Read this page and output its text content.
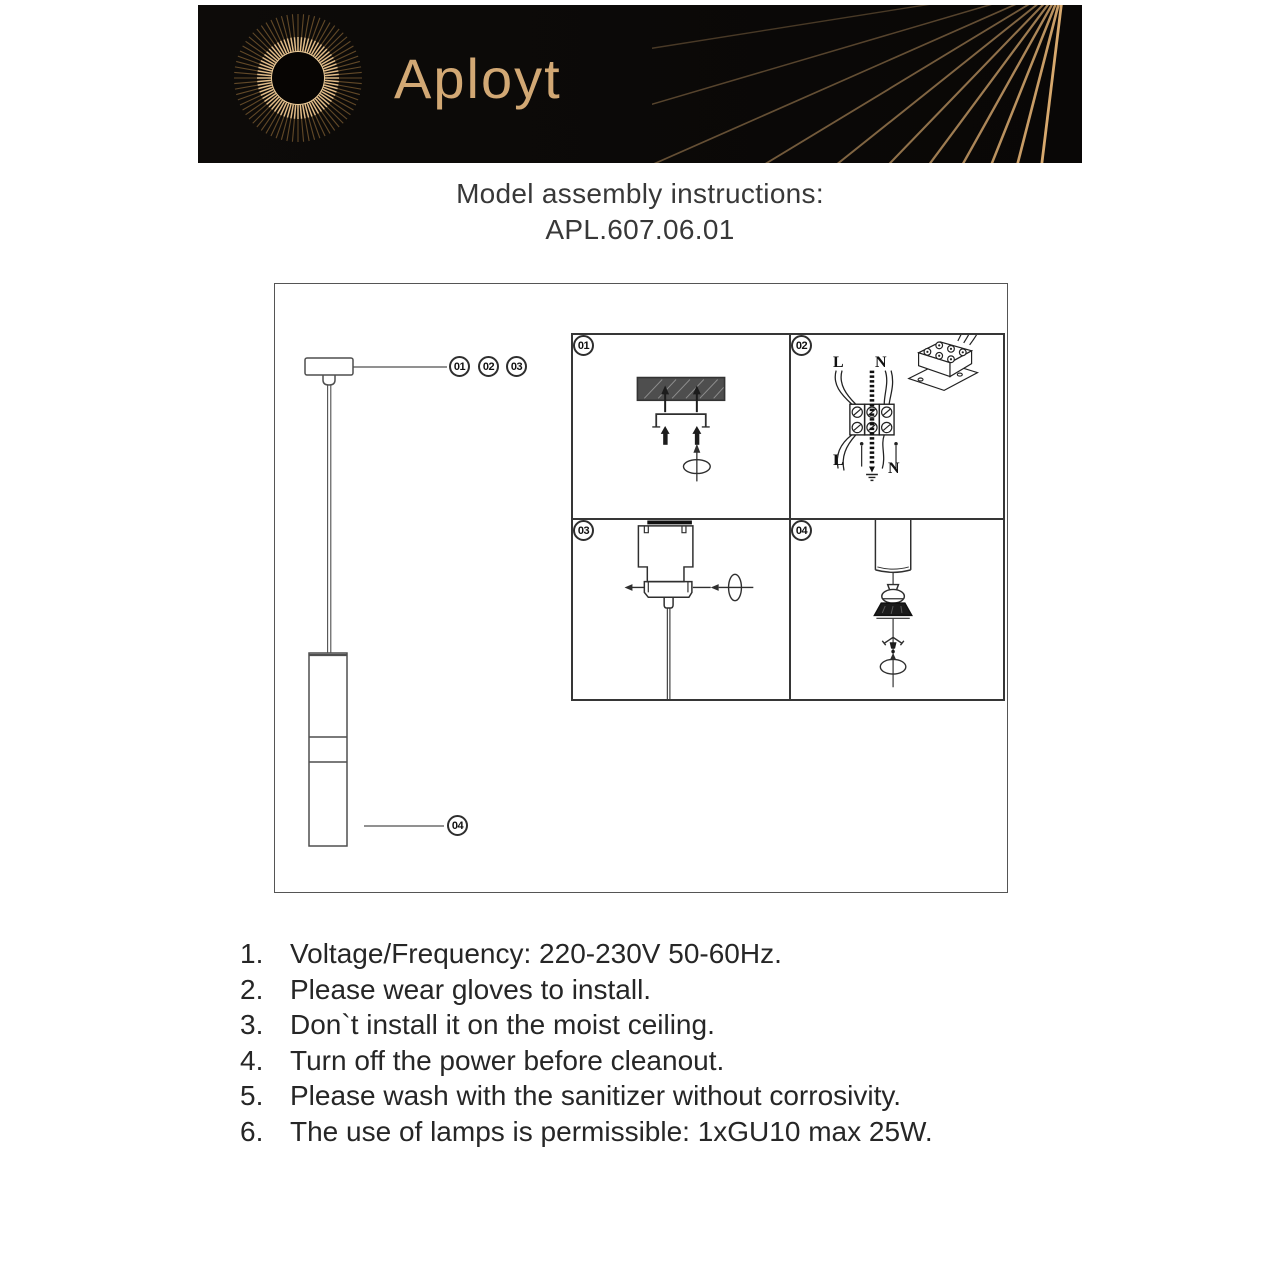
Aployt
Model assembly instructions:
APL.607.06.01
01	02	03
04
01	02
L N
L	N
03	04
1. Voltage/Frequency: 220-230V 50-60Hz.
2. Please wear gloves to install.
3. Don`t install it on the moist ceiling.
4. Turn off the power before cleanout.
5. Please wash with the sanitizer without corrosivity.
6. The use of lamps is permissible: 1xGU10 max 25W.
